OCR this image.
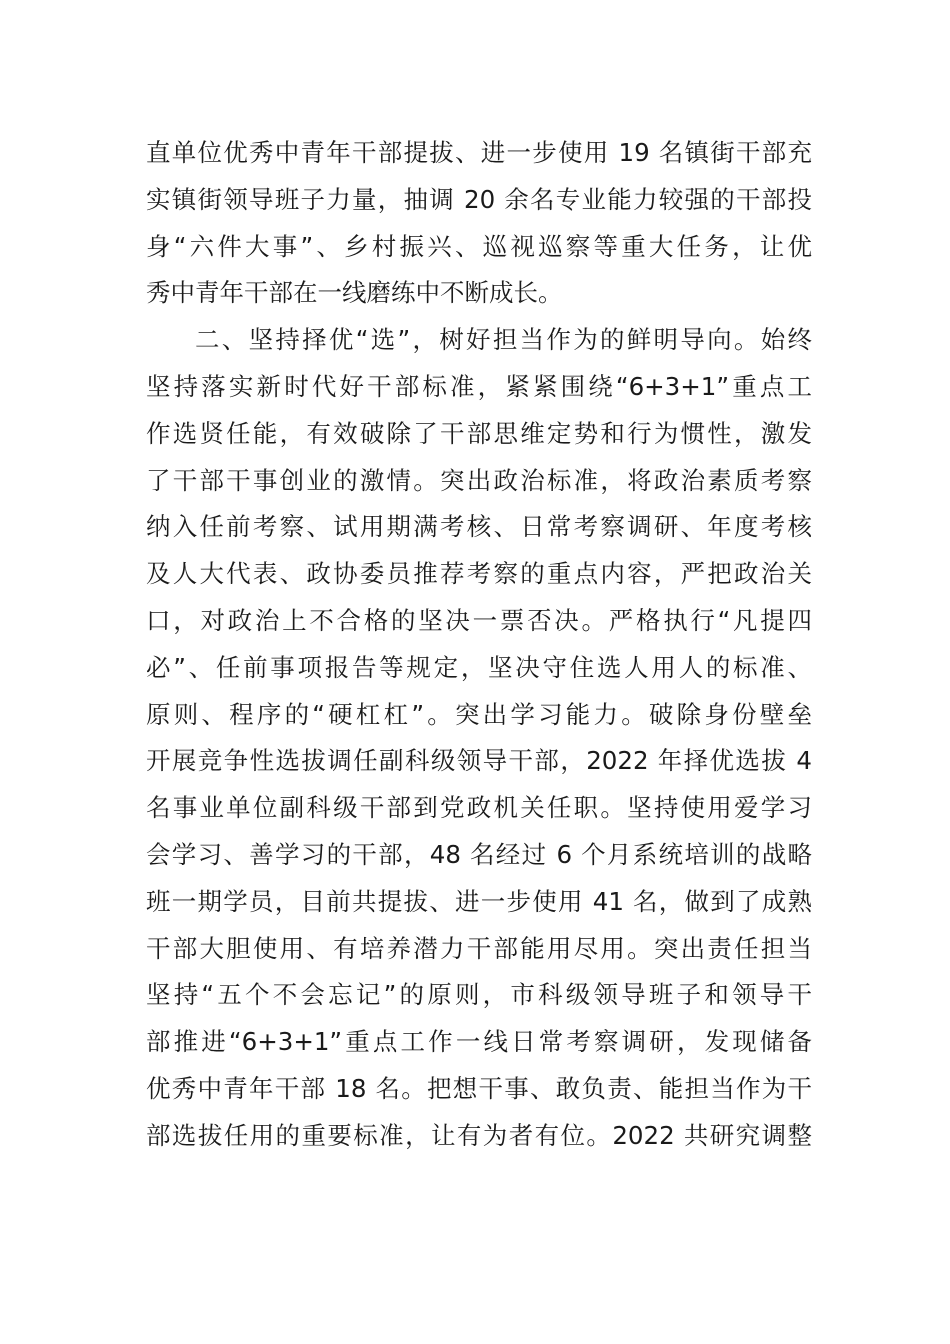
直单位优秀中青年干部提拔、进一步使用 19 名镇街干部充
实镇街领导班子力量，抽调 20 余名专业能力较强的干部投
身“六件大事”、乡村振兴、巡视巡察等重大任务，让优
秀中青年干部在一线磨练中不断成长。
二、坚持择优“选”，树好担当作为的鲜明导向。始终
坚持落实新时代好干部标准，紧紧围绕“6+3+1”重点工
作选贤任能，有效破除了干部思维定势和行为惯性，激发
了干部干事创业的激情。突出政治标准，将政治素质考察
纳入任前考察、试用期满考核、日常考察调研、年度考核
及人大代表、政协委员推荐考察的重点内容，严把政治关
口，对政治上不合格的坚决一票否决。严格执行“凡提四
必”、任前事项报告等规定，坚决守住选人用人的标准、
原则、程序的“硬杠杠”。突出学习能力。破除身份壁垒
开展竞争性选拔调任副科级领导干部，2022 年择优选拔 4
名事业单位副科级干部到党政机关任职。坚持使用爱学习
会学习、善学习的干部，48 名经过 6 个月系统培训的战略
班一期学员，目前共提拔、进一步使用 41 名，做到了成熟
干部大胆使用、有培养潜力干部能用尽用。突出责任担当
坚持“五个不会忘记”的原则，市科级领导班子和领导干
部推进“6+3+1”重点工作一线日常考察调研，发现储备
优秀中青年干部 18 名。把想干事、敢负责、能担当作为干
部选拔任用的重要标准，让有为者有位。2022 共研究调整
